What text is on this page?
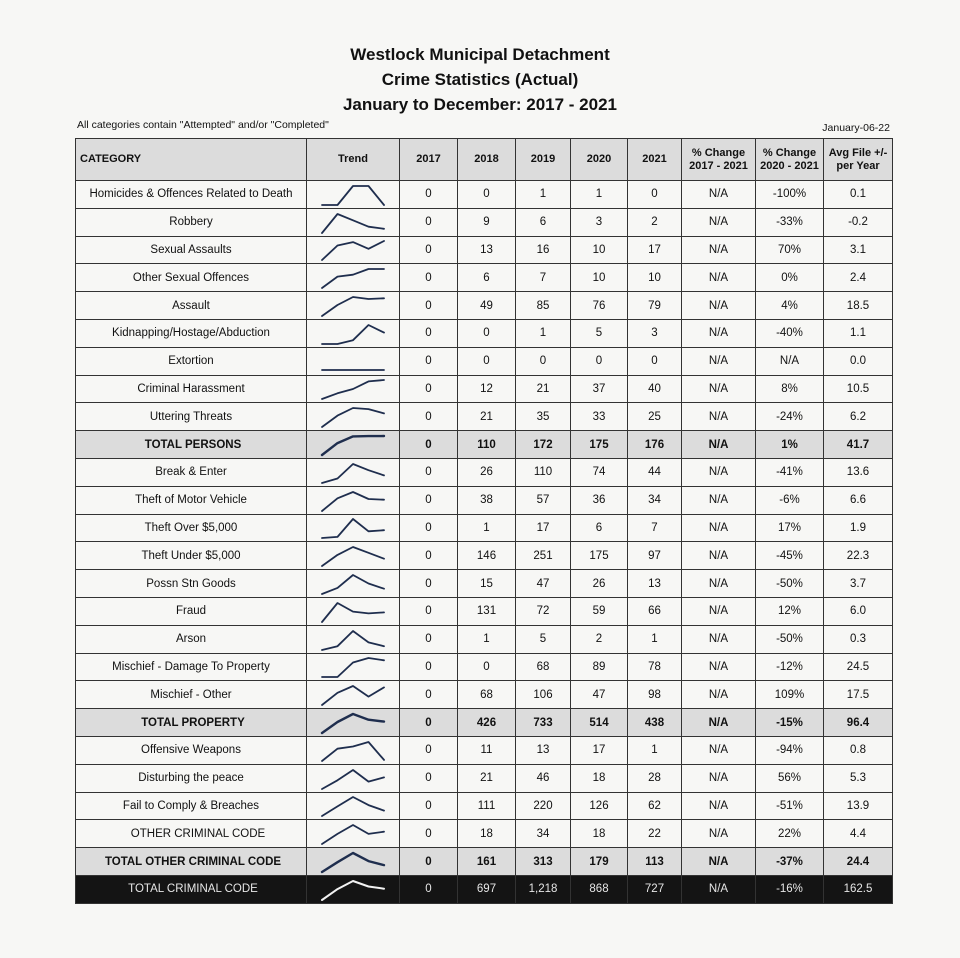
Westlock Municipal Detachment
Crime Statistics (Actual)
January to December: 2017 - 2021
All categories contain "Attempted" and/or "Completed"	January-06-22
CATEGORY	Trend	2017	2018	2019	2020	2021	% Change 2017 - 2021	% Change 2020 - 2021	Avg File +/- per Year
Homicides & Offences Related to Death		0	0	1	1	0	N/A	-100%	0.1
Robbery		0	9	6	3	2	N/A	-33%	-0.2
Sexual Assaults		0	13	16	10	17	N/A	70%	3.1
Other Sexual Offences		0	6	7	10	10	N/A	0%	2.4
Assault		0	49	85	76	79	N/A	4%	18.5
Kidnapping/Hostage/Abduction		0	0	1	5	3	N/A	-40%	1.1
Extortion		0	0	0	0	0	N/A	N/A	0.0
Criminal Harassment		0	12	21	37	40	N/A	8%	10.5
Uttering Threats		0	21	35	33	25	N/A	-24%	6.2
TOTAL PERSONS		0	110	172	175	176	N/A	1%	41.7
Break & Enter		0	26	110	74	44	N/A	-41%	13.6
Theft of Motor Vehicle		0	38	57	36	34	N/A	-6%	6.6
Theft Over $5,000		0	1	17	6	7	N/A	17%	1.9
Theft Under $5,000		0	146	251	175	97	N/A	-45%	22.3
Possn Stn Goods		0	15	47	26	13	N/A	-50%	3.7
Fraud		0	131	72	59	66	N/A	12%	6.0
Arson		0	1	5	2	1	N/A	-50%	0.3
Mischief - Damage To Property		0	0	68	89	78	N/A	-12%	24.5
Mischief - Other		0	68	106	47	98	N/A	109%	17.5
TOTAL PROPERTY		0	426	733	514	438	N/A	-15%	96.4
Offensive Weapons		0	11	13	17	1	N/A	-94%	0.8
Disturbing the peace		0	21	46	18	28	N/A	56%	5.3
Fail to Comply & Breaches		0	111	220	126	62	N/A	-51%	13.9
OTHER CRIMINAL CODE		0	18	34	18	22	N/A	22%	4.4
TOTAL OTHER CRIMINAL CODE		0	161	313	179	113	N/A	-37%	24.4
TOTAL CRIMINAL CODE		0	697	1,218	868	727	N/A	-16%	162.5
